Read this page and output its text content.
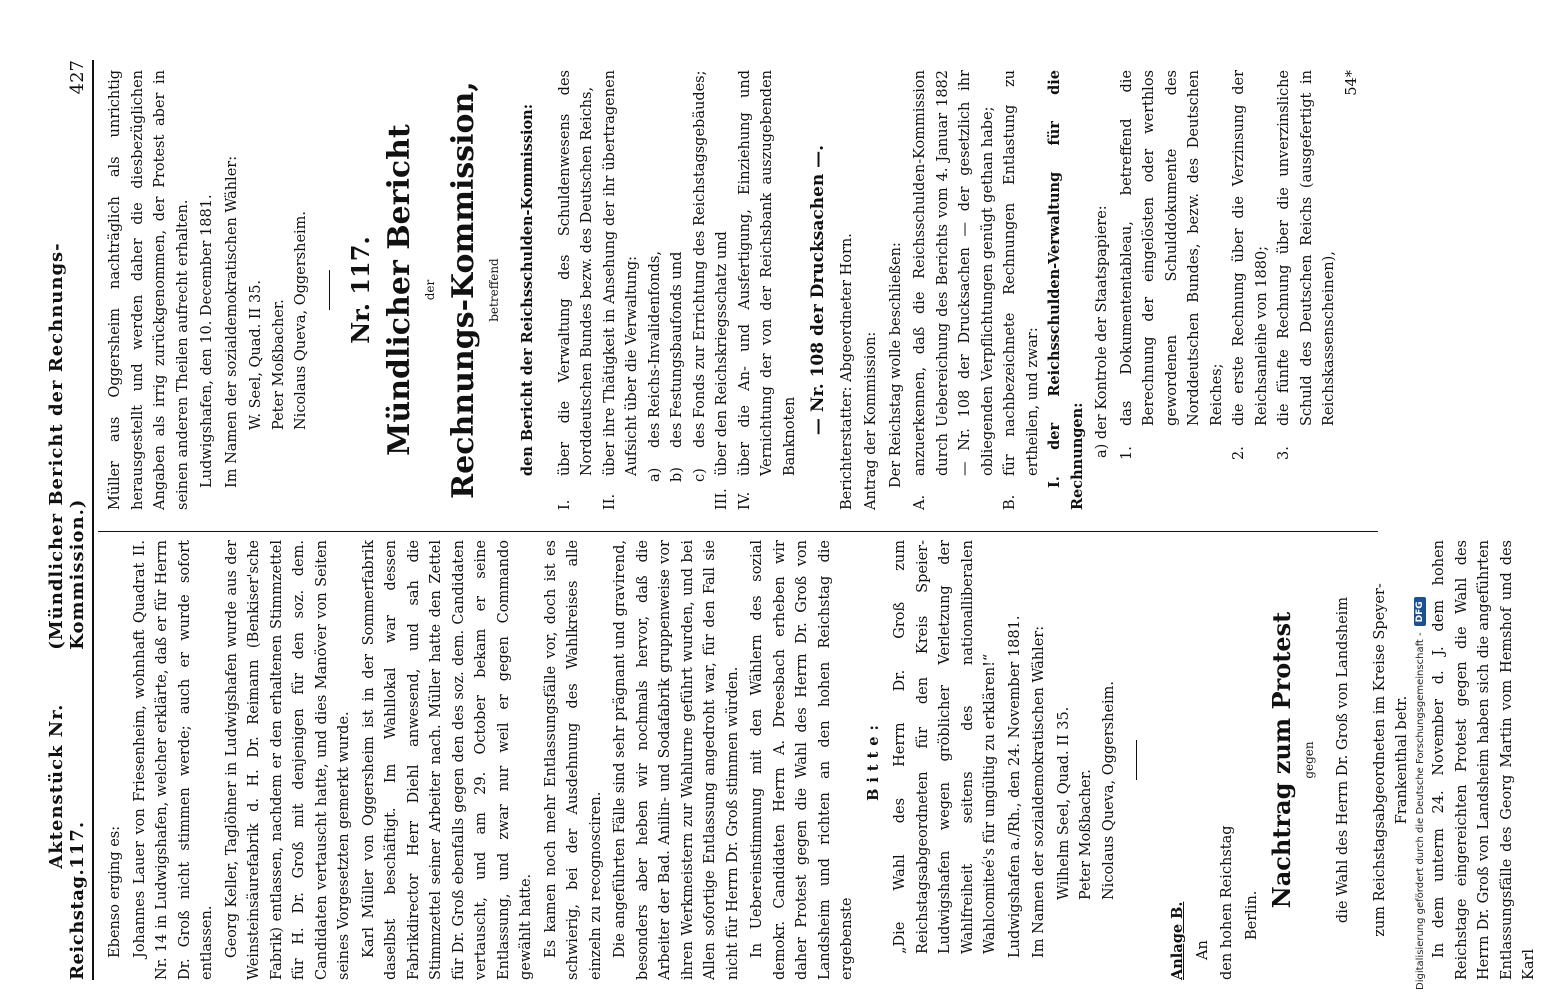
Reichstag.
Aktenstück Nr. 117.
(Mündlicher Bericht der Rechnungs-Kommission.)
427

Ebenso erging es: Johannes Lauer von Friesenheim, wohnhaft Quadrat II. Nr. 14 in Ludwigshafen, welcher erklärte, daß er für Herrn Dr. Groß nicht stimmen werde; auch er wurde sofort entlassen. Georg Keller, Taglöhner in Ludwigshafen wurde aus der Weinsteinsäurefabrik d. H. Dr. Reimann (Benkiser'sche Fabrik) entlassen, nachdem er den erhaltenen Stimmzettel für H. Dr. Groß mit denjenigen für den soz. dem. Candidaten vertauscht hatte, und dies Manöver von Seiten seines Vorgesetzten gemerkt wurde. Karl Müller von Oggersheim ist in der Sommerfabrik daselbst beschäftigt. Im Wahllokal war dessen Fabrikdirector Herr Diehl anwesend, und sah die Stimmzettel seiner Arbeiter nach. Müller hatte den Zettel für Dr. Groß ebenfalls gegen den des soz. dem. Candidaten vertauscht, und am 29. October bekam er seine Entlassung, und zwar nur weil er gegen Commando gewählt hatte. Es kamen noch mehr Entlassungsfälle vor, doch ist es schwierig, bei der Ausdehnung des Wahlkreises alle einzeln zu recognosciren. Die angeführten Fälle sind sehr prägnant und gravirend, besonders aber heben wir nochmals hervor, daß die Arbeiter der Bad. Anilin- und Sodafabrik gruppenweise vor ihren Werkmeistern zur Wahlurne geführt wurden, und bei Allen sofortige Entlassung angedroht war, für den Fall sie nicht für Herrn Dr. Groß stimmen würden. In Uebereinstimmung mit den Wählern des sozial demokr. Candidaten Herrn A. Dreesbach erheben wir daher Protest gegen die Wahl des Herrn Dr. Groß von Landsheim und richten an den hohen Reichstag die ergebenste

Bitte: „Die Wahl des Herrn Dr. Groß zum Reichstagsabgeordneten für den Kreis Speier-Ludwigshafen wegen gröblicher Verletzung der Wahlfreiheit seitens des nationalliberalen Wahlcomiteé's für ungültig zu erklären!“ Ludwigshafen a./Rh., den 24. November 1881. Im Namen der sozialdemokratischen Wähler: Wilhelm Seel, Quad. II 35. Peter Moßbacher. Nicolaus Queva, Oggersheim.

Anlage B. An den hohen Reichstag Berlin.

Nachtrag zum Protest gegen die Wahl des Herrn Dr. Groß von Landsheim zum Reichstagsabgeordneten im Kreise Speyer-Frankenthal betr. In dem unterm 24. November d. J. dem hohen Reichstage eingereichten Protest gegen die Wahl des Herrn Dr. Groß von Landsheim haben sich die angeführten Entlassungsfälle des Georg Martin vom Hemshof und des Karl

Müller aus Oggersheim nachträglich als unrichtig herausgestellt und werden daher die diesbezüglichen Angaben als irrig zurückgenommen, der Protest aber in seinen anderen Theilen aufrecht erhalten. Ludwigshafen, den 10. December 1881. Im Namen der sozialdemokratischen Wähler: W. Seel, Quad. II 35. Peter Moßbacher. Nicolaus Queva, Oggersheim. Nr. 117. Mündlicher Bericht der Rechnungs-Kommission, betreffend den Bericht der Reichsschulden-Kommission:

I.
über die Verwaltung des Schuldenwesens des Norddeutschen Bundes bezw. des Deutschen Reichs,
II.
über ihre Thätigkeit in Ansehung der ihr übertragenen Aufsicht über die Verwaltung: a)
des Reichs-Invalidenfonds,
b)
des Festungsbaufonds und
c)
des Fonds zur Errichtung des Reichstagsgebäudes;
III.
über den Reichskriegsschatz und
IV.
über die An- und Ausfertigung, Einziehung und Vernichtung der von der Reichsbank auszugebenden Banknoten

— Nr. 108 der Drucksachen —. Berichterstatter: Abgeordneter Horn. Antrag der Kommission: Der Reichstag wolle beschließen:

A.
anzuerkennen, daß die Reichsschulden-Kommission durch Uebereichung des Berichts vom 4. Januar 1882 — Nr. 108 der Drucksachen — der gesetzlich ihr obliegenden Verpflichtungen genügt gethan habe;
B.
für nachbezeichnete Rechnungen Entlastung zu ertheilen, und zwar: I. der Reichsschulden-Verwaltung für die Rechnungen: a) der Kontrole der Staatspapiere: 1.
das Dokumententableau, betreffend die Berechnung der eingelösten oder werthlos gewordenen Schulddokumente des Norddeutschen Bundes, bezw. des Deutschen Reiches;
2.
die erste Rechnung über die Verzinsung der Reichsanleihe von 1880;
3.
die fünfte Rechnung über die unverzinsliche Schuld des Deutschen Reichs (ausgefertigt in Reichskassenscheinen),

54*

Digitalisierung gefördert durch die Deutsche Forschungsgemeinschaft -
DFG
